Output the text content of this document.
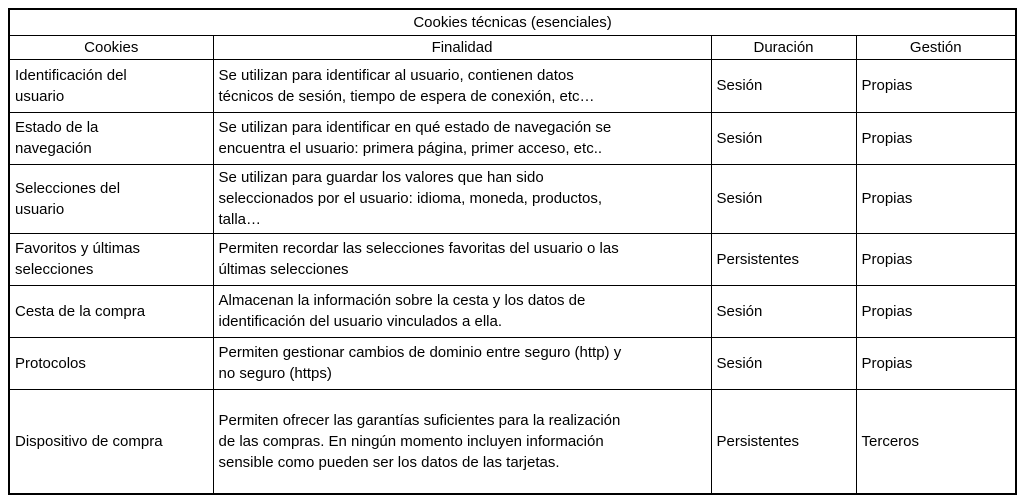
Cookies técnicas (esenciales)			
Cookies	Finalidad	Duración	Gestión

Identificación del usuario	Se utilizan para identificar al usuario, contienen datos técnicos de sesión, tiempo de espera de conexión, etc…	Sesión	Propias

Estado de la navegación	Se utilizan para identificar en qué estado de navegación se encuentra el usuario: primera página, primer acceso, etc..	Sesión	Propias

Selecciones del usuario	Se utilizan para guardar los valores que han sido seleccionados por el usuario: idioma, moneda, productos, talla…	Sesión	Propias

Favoritos y últimas selecciones	Permiten recordar las selecciones favoritas del usuario o las últimas selecciones	Persistentes	Propias

Cesta de la compra	Almacenan la información sobre la cesta y los datos de identificación del usuario vinculados a ella.	Sesión	Propias

Protocolos	Permiten gestionar cambios de dominio entre seguro (http) y no seguro (https)	Sesión	Propias

Dispositivo de compra	Permiten ofrecer las garantías suficientes para la realización de las compras. En ningún momento incluyen información sensible como pueden ser los datos de las tarjetas.	Persistentes	Terceros
